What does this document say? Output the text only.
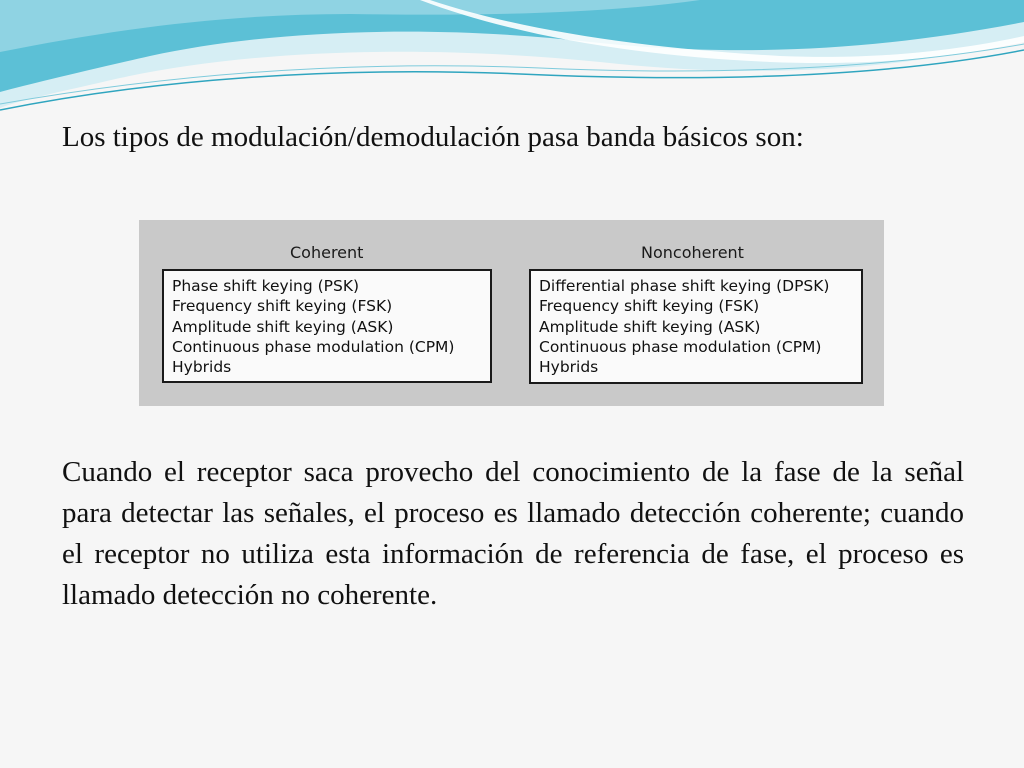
Los tipos de modulación/demodulación pasa banda básicos son:

Coherent	Noncoherent
Phase shift keying (PSK)
Frequency shift keying (FSK)
Amplitude shift keying (ASK)
Continuous phase modulation (CPM)
Hybrids
Differential phase shift keying (DPSK)
Frequency shift keying (FSK)
Amplitude shift keying (ASK)
Continuous phase modulation (CPM)
Hybrids

Cuando el receptor saca provecho del conocimiento de la fase de la señal para detectar las señales, el proceso es llamado detección coherente; cuando el receptor no utiliza esta información de referencia de fase, el proceso es llamado detección no coherente.
